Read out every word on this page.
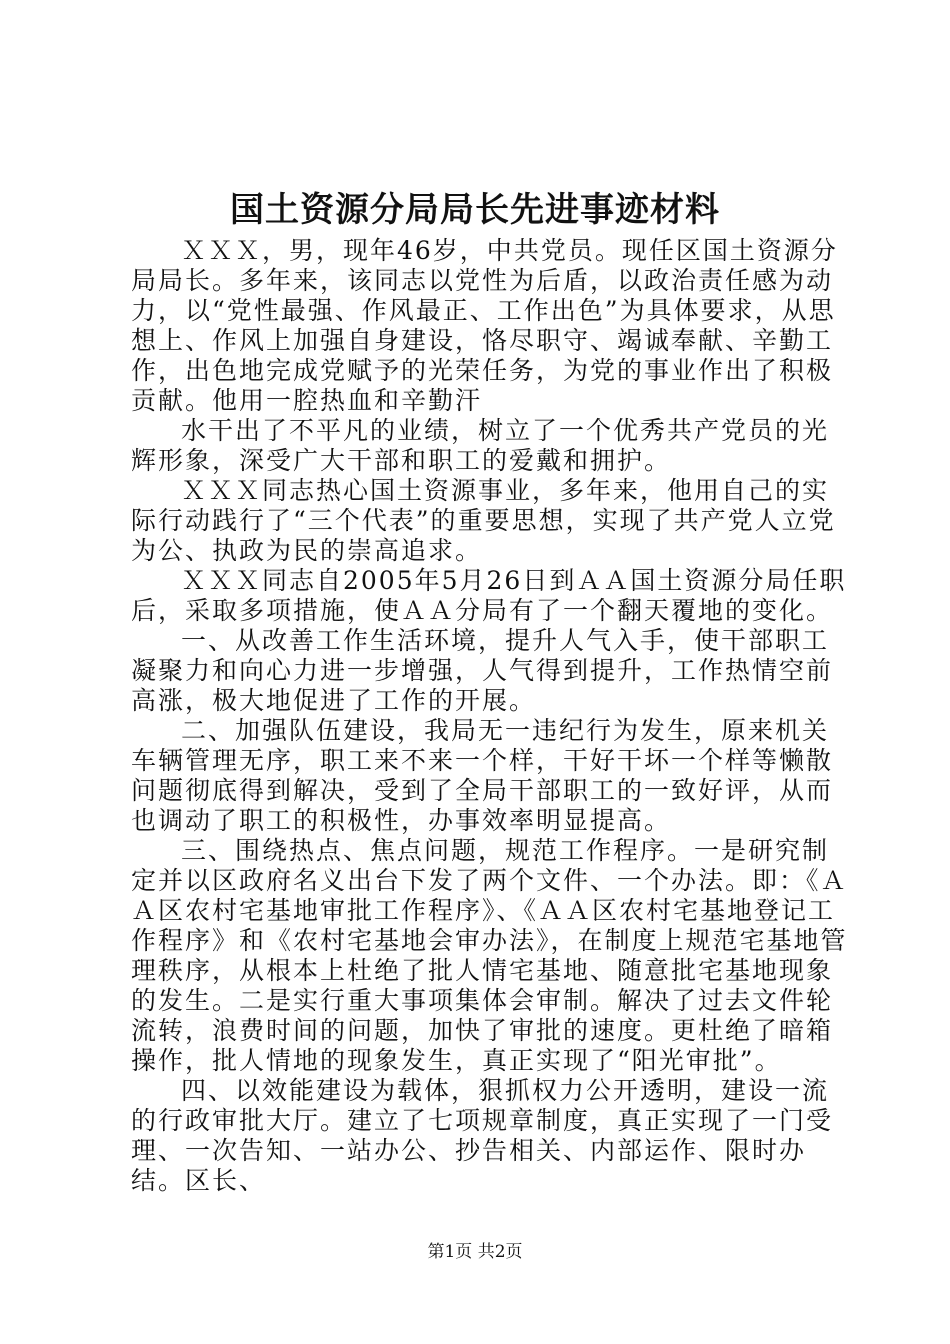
国土资源分局局长先进事迹材料

ＸＸＸ，男，现年46岁，中共党员。现任区国土资源分局局长。多年来，该同志以党性为后盾，以政治责任感为动力，以“党性最强、作风最正、工作出色”为具体要求，从思想上、作风上加强自身建设，恪尽职守、竭诚奉献、辛勤工作，出色地完成党赋予的光荣任务，为党的事业作出了积极贡献。他用一腔热血和辛勤汗

水干出了不平凡的业绩，树立了一个优秀共产党员的光辉形象，深受广大干部和职工的爱戴和拥护。

ＸＸＸ同志热心国土资源事业，多年来，他用自己的实际行动践行了“三个代表”的重要思想，实现了共产党人立党为公、执政为民的崇高追求。

ＸＸＸ同志自2005年5月26日到ＡＡ国土资源分局任职后，采取多项措施，使ＡＡ分局有了一个翻天覆地的变化。

一、从改善工作生活环境，提升人气入手，使干部职工凝聚力和向心力进一步增强，人气得到提升，工作热情空前高涨，极大地促进了工作的开展。

二、加强队伍建设，我局无一违纪行为发生，原来机关车辆管理无序，职工来不来一个样，干好干坏一个样等懒散问题彻底得到解决，受到了全局干部职工的一致好评，从而也调动了职工的积极性，办事效率明显提高。

三、围绕热点、焦点问题，规范工作程序。一是研究制定并以区政府名义出台下发了两个文件、一个办法。即：《ＡＡ区农村宅基地审批工作程序》、《ＡＡ区农村宅基地登记工作程序》和《农村宅基地会审办法》，在制度上规范宅基地管理秩序，从根本上杜绝了批人情宅基地、随意批宅基地现象的发生。二是实行重大事项集体会审制。解决了过去文件轮流转，浪费时间的问题，加快了审批的速度。更杜绝了暗箱操作，批人情地的现象发生，真正实现了“阳光审批”。

四、以效能建设为载体，狠抓权力公开透明，建设一流的行政审批大厅。建立了七项规章制度，真正实现了一门受理、一次告知、一站办公、抄告相关、内部运作、限时办结。区长、

第1页 共2页
